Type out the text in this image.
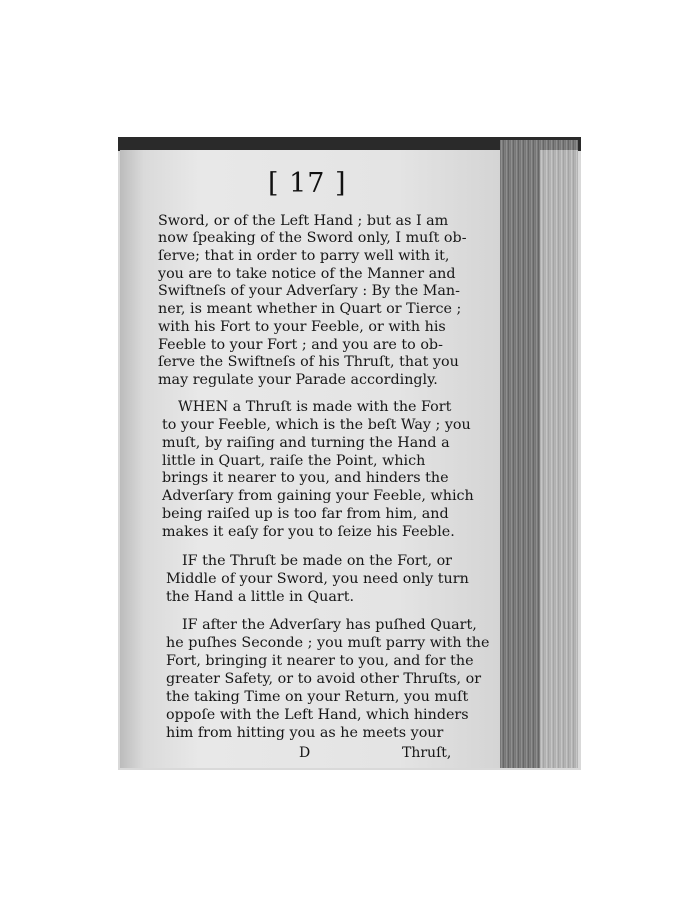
[ 17 ]
Sword, or of the Left Hand ; but as I am
now ſpeaking of the Sword only, I muſt ob-
ſerve; that in order to parry well with it,
you are to take notice of the Manner and
Swiftneſs of your Adverſary : By the Man-
ner, is meant whether in Quart or Tierce ;
with his Fort to your Feeble, or with his
Feeble to your Fort ; and you are to ob-
ſerve the Swiftneſs of his Thruſt, that you
may regulate your Parade accordingly.
WHEN a Thruſt is made with the Fort
to your Feeble, which is the beſt Way ; you
muſt, by raiſing and turning the Hand a
little in Quart, raiſe the Point, which
brings it nearer to you, and hinders the
Adverſary from gaining your Feeble, which
being raiſed up is too far from him, and
makes it eaſy for you to ſeize his Feeble.
IF the Thruſt be made on the Fort, or
Middle of your Sword, you need only turn
the Hand a little in Quart.
IF after the Adverſary has puſhed Quart,
he puſhes Seconde ; you muſt parry with the
Fort, bringing it nearer to you, and for the
greater Safety, or to avoid other Thruſts, or
the taking Time on your Return, you muſt
oppoſe with the Left Hand, which hinders
him from hitting you as he meets your
D	Thruſt,
